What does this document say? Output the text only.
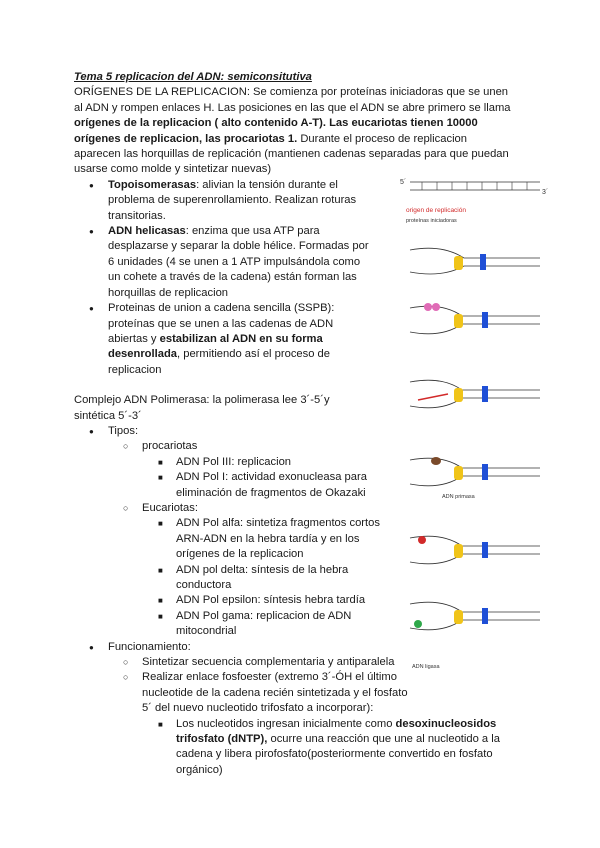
Tema 5 replicacion del ADN: semiconsitutiva

ORÍGENES DE LA REPLICACION: Se comienza por proteínas iniciadoras que se unen al ADN y rompen enlaces H. Las posiciones en las que el ADN se abre primero se llama
orígenes de la replicacion ( alto contenido A-T). Las eucariotas tienen 10000 orígenes de replicacion, las procariotas 1. Durante el proceso de replicacion aparecen las horquillas de replicación (mantienen cadenas separadas para que puedan usarse como molde y sintetizar nuevas)

● Topoisomerasas: alivian la tensión durante el problema de superenrollamiento. Realizan roturas transitorias.
● ADN helicasas: enzima que usa ATP para desplazarse y separar la doble hélice. Formadas por 6 unidades (4 se unen a 1 ATP impulsándola como un cohete a través de la cadena) están forman las horquillas de replicacion
● Proteinas de union a cadena sencilla (SSPB): proteínas que se unen a las cadenas de ADN abiertas y estabilizan al ADN en su forma desenrollada, permitiendo así el proceso de replicacion

Complejo ADN Polimerasa: la polimerasa lee 3´-5´y sintética 5´-3´

● Tipos:
○ procariotas
■ ADN Pol III: replicacion
■ ADN Pol I: actividad exonucleasa para eliminación de fragmentos de Okazaki
○ Eucariotas:
■ ADN Pol alfa: sintetiza fragmentos cortos ARN-ADN en la hebra tardía y en los orígenes de la replicacion
■ ADN pol delta: síntesis de la hebra conductora
■ ADN Pol epsilon: síntesis hebra tardía
■ ADN Pol gama: replicacion de ADN mitocondrial
● Funcionamiento:
○ Sintetizar secuencia complementaria y antiparalela
○ Realizar enlace fosfoester (extremo 3´-ÓH el último nucleotide de la cadena recién sintetizada y el fosfato 5´ del nuevo nucleotido trifosfato a incorporar):
■ Los nucleotidos ingresan inicialmente como desoxinucleosidos trifosfato (dNTP), ocurre una reacción que une al nucleotido a la cadena y libera pirofosfato(posteriormente convertido en fosfato orgánico)
5´
3´
origen de replicación
proteínas iniciadoras
ADN primasa
ADN ligasa
